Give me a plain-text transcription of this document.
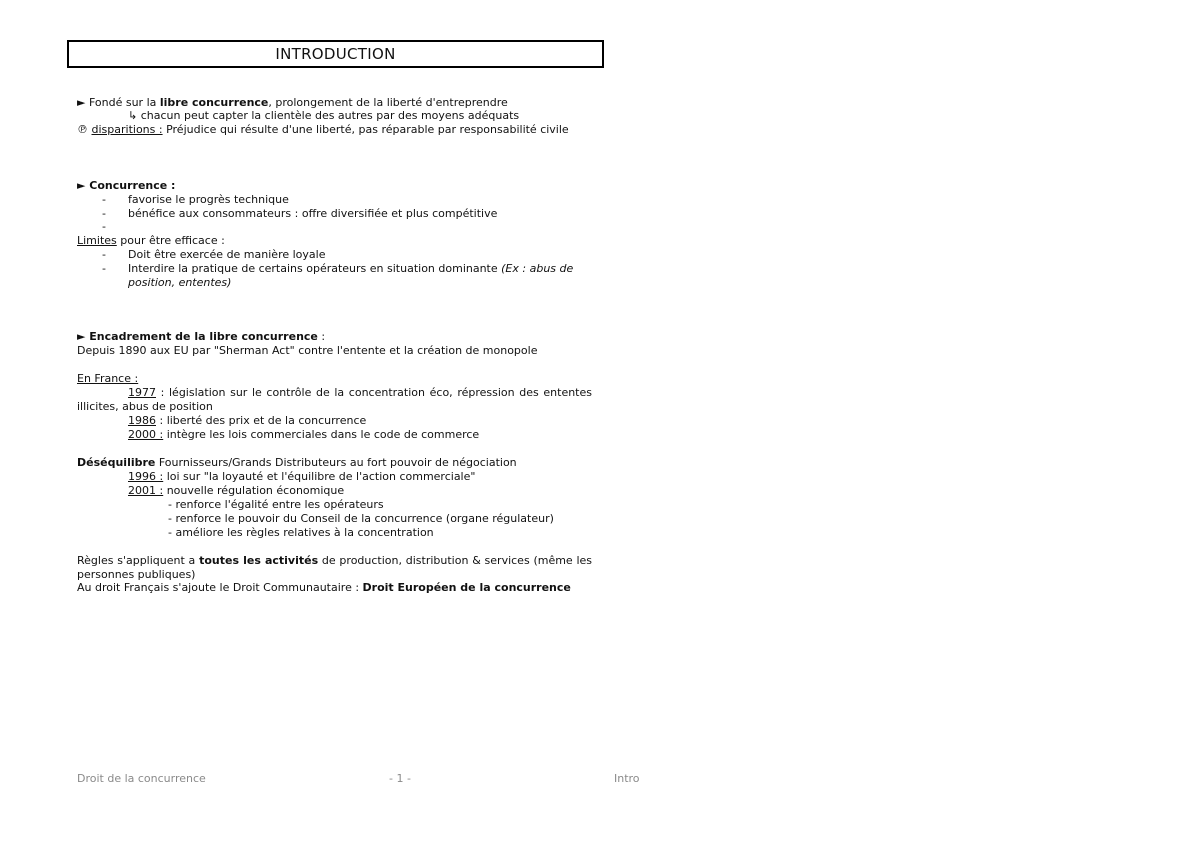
INTRODUCTION
► Fondé sur la libre concurrence, prolongement de la liberté d'entreprendre
↳ chacun peut capter la clientèle des autres par des moyens adéquats
℗ disparitions : Préjudice qui résulte d'une liberté, pas réparable par responsabilité civile
► Concurrence :
- favorise le progrès technique
- bénéfice aux consommateurs : offre diversifiée et plus compétitive
-
Limites pour être efficace :
- Doit être exercée de manière loyale
- Interdire la pratique de certains opérateurs en situation dominante (Ex : abus de position, ententes)
► Encadrement de la libre concurrence :
Depuis 1890 aux EU par "Sherman Act" contre l'entente et la création de monopole
En France :
1977 : législation sur le contrôle de la concentration éco, répression des ententes illicites, abus de position
1986 : liberté des prix et de la concurrence
2000 : intègre les lois commerciales dans le code de commerce
Déséquilibre Fournisseurs/Grands Distributeurs au fort pouvoir de négociation
1996 : loi sur "la loyauté et l'équilibre de l'action commerciale"
2001 : nouvelle régulation économique
- renforce l'égalité entre les opérateurs
- renforce le pouvoir du Conseil de la concurrence (organe régulateur)
- améliore les règles relatives à la concentration
Règles s'appliquent a toutes les activités de production, distribution & services (même les personnes publiques)
Au droit Français s'ajoute le Droit Communautaire : Droit Européen de la concurrence
Droit de la concurrence	- 1 -	Intro
